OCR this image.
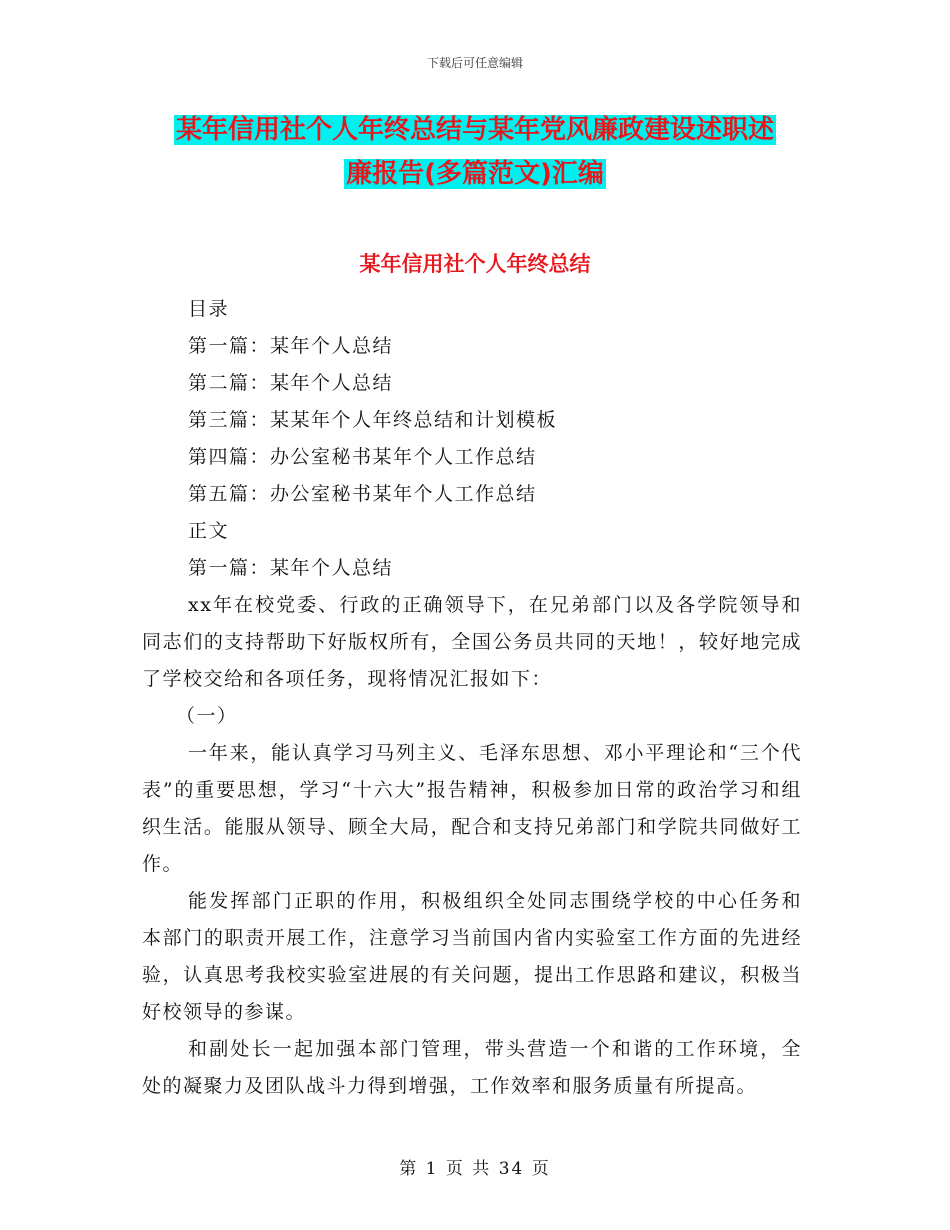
下载后可任意编辑
某年信用社个人年终总结与某年党风廉政建设述职述
廉报告(多篇范文)汇编
某年信用社个人年终总结

目录

第一篇：某年个人总结

第二篇：某年个人总结

第三篇：某某年个人年终总结和计划模板

第四篇：办公室秘书某年个人工作总结

第五篇：办公室秘书某年个人工作总结

正文

第一篇：某年个人总结

xx年在校党委、行政的正确领导下，在兄弟部门以及各学院领导和同志们的支持帮助下好版权所有，全国公务员共同的天地！，较好地完成了学校交给和各项任务，现将情况汇报如下：

（一）

一年来，能认真学习马列主义、毛泽东思想、邓小平理论和“三个代表”的重要思想，学习“十六大”报告精神，积极参加日常的政治学习和组织生活。能服从领导、顾全大局，配合和支持兄弟部门和学院共同做好工作。

能发挥部门正职的作用，积极组织全处同志围绕学校的中心任务和本部门的职责开展工作，注意学习当前国内省内实验室工作方面的先进经验，认真思考我校实验室进展的有关问题，提出工作思路和建议，积极当好校领导的参谋。

和副处长一起加强本部门管理，带头营造一个和谐的工作环境，全处的凝聚力及团队战斗力得到增强，工作效率和服务质量有所提高。

第 1 页 共 34 页
